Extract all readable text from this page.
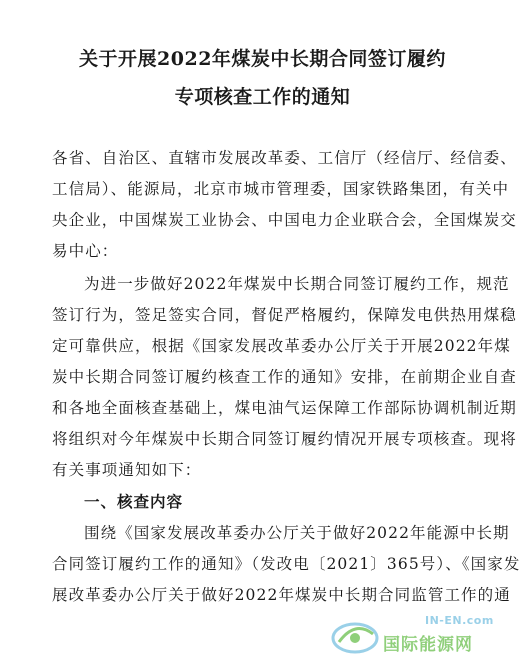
关于开展2022年煤炭中长期合同签订履约
专项核查工作的通知
各省、自治区、直辖市发展改革委、工信厅（经信厅、经信委、
工信局）、能源局，北京市城市管理委，国家铁路集团，有关中
央企业，中国煤炭工业协会、中国电力企业联合会，全国煤炭交
易中心：
为进一步做好2022年煤炭中长期合同签订履约工作，规范
签订行为，签足签实合同，督促严格履约，保障发电供热用煤稳
定可靠供应，根据《国家发展改革委办公厅关于开展2022年煤
炭中长期合同签订履约核查工作的通知》安排，在前期企业自查
和各地全面核查基础上，煤电油气运保障工作部际协调机制近期
将组织对今年煤炭中长期合同签订履约情况开展专项核查。现将
有关事项通知如下：
一、核查内容
围绕《国家发展改革委办公厅关于做好2022年能源中长期
合同签订履约工作的通知》（发改电〔2021〕365号）、《国家发
展改革委办公厅关于做好2022年煤炭中长期合同监管工作的通
IN-EN.com
国际能源网
